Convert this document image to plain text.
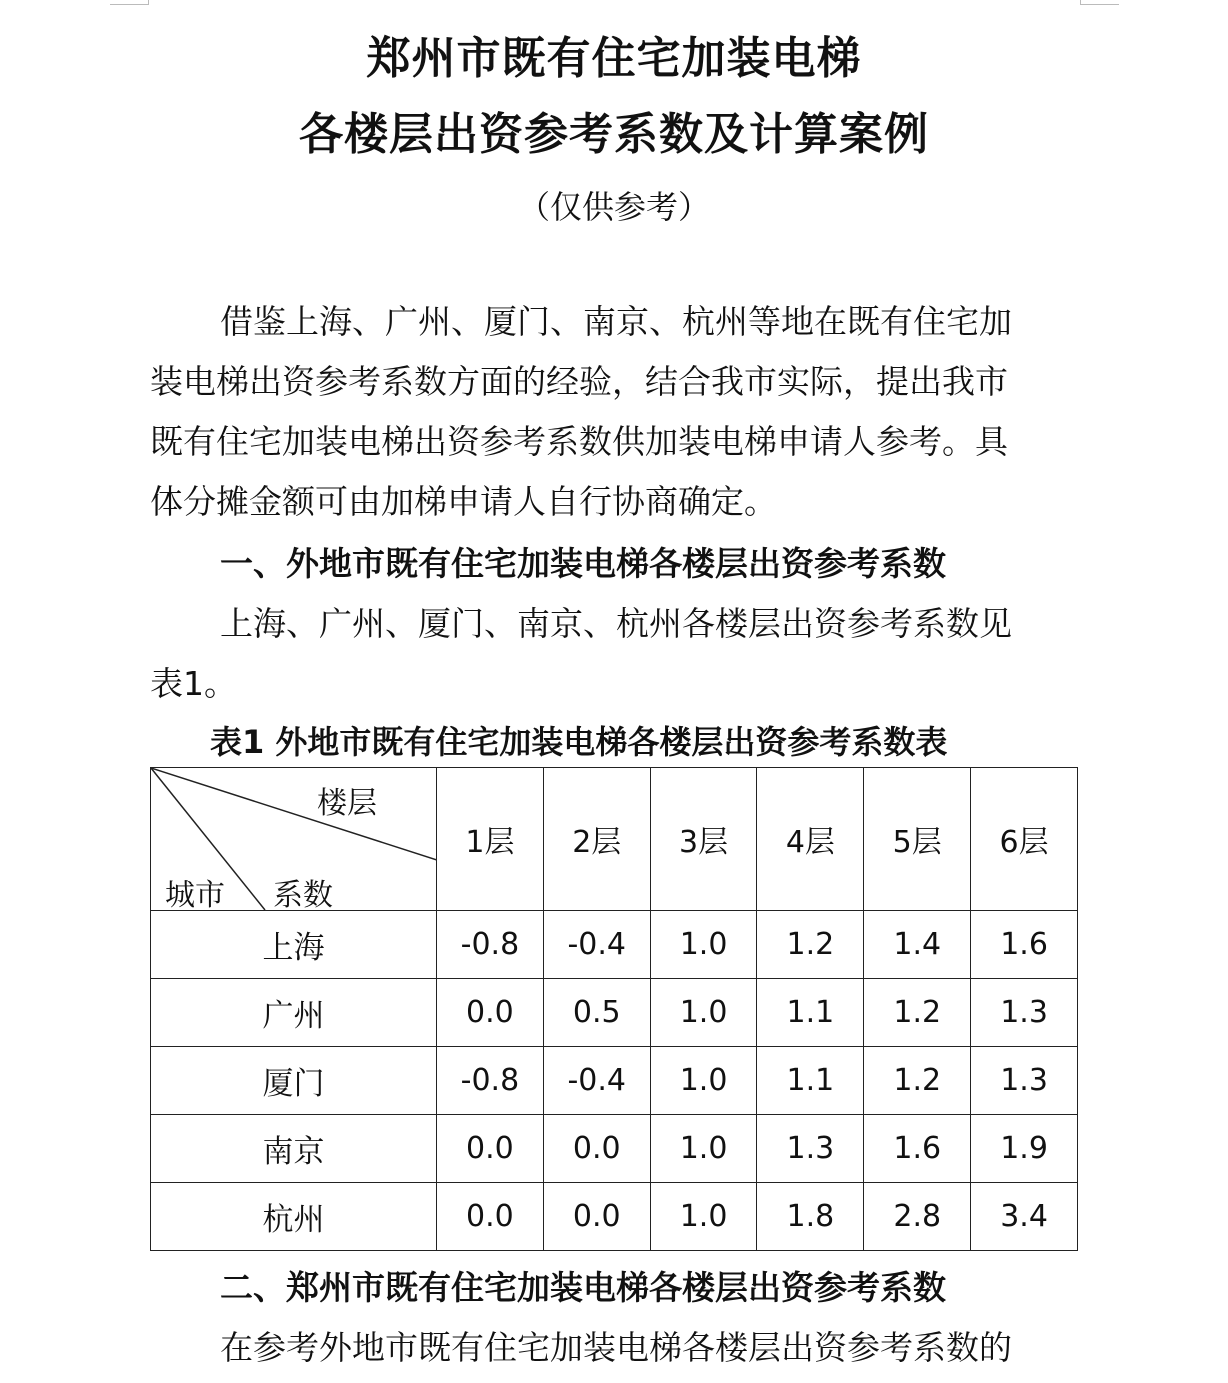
郑州市既有住宅加装电梯
各楼层出资参考系数及计算案例
（仅供参考）
借鉴上海、广州、厦门、南京、杭州等地在既有住宅加
装电梯出资参考系数方面的经验，结合我市实际，提出我市
既有住宅加装电梯出资参考系数供加装电梯申请人参考。具
体分摊金额可由加梯申请人自行协商确定。
一、外地市既有住宅加装电梯各楼层出资参考系数
上海、广州、厦门、南京、杭州各楼层出资参考系数见
表1。
表1 外地市既有住宅加装电梯各楼层出资参考系数表
楼层
系数
城市	1层	2层	3层	4层	5层	6层
上海	-0.8	-0.4	1.0	1.2	1.4	1.6
广州	0.0	0.5	1.0	1.1	1.2	1.3
厦门	-0.8	-0.4	1.0	1.1	1.2	1.3
南京	0.0	0.0	1.0	1.3	1.6	1.9
杭州	0.0	0.0	1.0	1.8	2.8	3.4
二、郑州市既有住宅加装电梯各楼层出资参考系数
在参考外地市既有住宅加装电梯各楼层出资参考系数的
